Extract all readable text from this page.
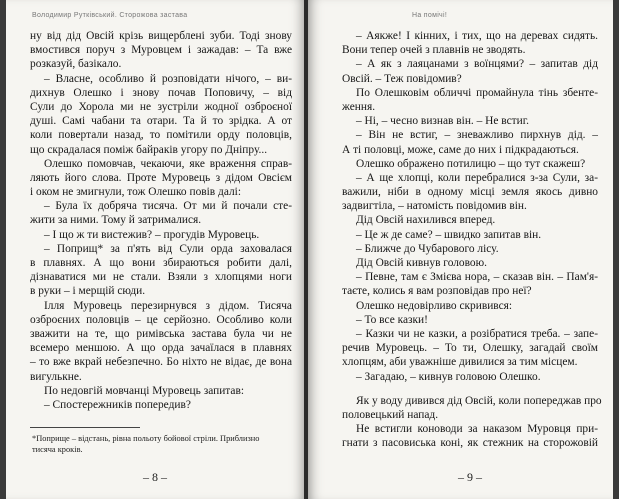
Володимир Рутківський. Сторожова застава
ну від дід Овсій крізь вищерблені зуби. Тоді знову
вмостився поруч з Муровцем і зажадав: – Та вже
розказуй, базікало.
– Власне, особливо й розповідати нічого, – ви-
дихнув Олешко і знову почав Поповичу, – від
Сули до Хорола ми не зустріли жодної озброєної
душі. Самі чабани та отари. Та й то зрідка. А от
коли повертали назад, то помітили орду половців,
що скрадалася поміж байраків угору по Дніпру...
Олешко помовчав, чекаючи, яке враження справ-
ляють його слова. Проте Муровець з дідом Овсієм
і оком не змигнули, тож Олешко повів далі:
– Була їх добряча тисяча. От ми й почали сте-
жити за ними. Тому й затрималися.
– І що ж ти вистежив? – прогудів Муровець.
– Поприщ* за п'ять від Сули орда заховалася
в плавнях. А що вони збираються робити далі,
дізнаватися ми не стали. Взяли з хлопцями ноги
в руки – і мерщій сюди.
Ілля Муровець перезирнувся з дідом. Тисяча
озброєних половців – це серйозно. Особливо коли
зважити на те, що римівська застава була чи не
всемеро меншою. А що орда зачаїлася в плавнях
– то вже вкрай небезпечно. Бо ніхто не відає, де вона
вигулькне.
По недовгій мовчанці Муровець запитав:
– Спостережників попередив?
*Поприще – відстань, рівна польоту бойової стріли. Приблизно
тисяча кроків.
– 8 –
На помічі!
– Аякже! І кінних, і тих, що на деревах сидять.
Вони тепер очей з плавнів не зводять.
– А як з лаяцанами з воїнцями? – запитав дід
Овсій. – Теж повідомив?
По Олешковім обличчі промайнула тінь збенте-
ження.
– Ні, – чесно визнав він. – Не встиг.
– Він не встиг, – зневажливо пирхнув дід. –
А ті половці, може, саме до них і підкрадаються.
Олешко ображено потилицю – що тут скажеш?
– А ще хлопці, коли перебралися з-за Сули, за-
важили, ніби в одному місці земля якось дивно
задвигтіла, – натомість повідомив він.
Дід Овсій нахилився вперед.
– Це ж де саме? – швидко запитав він.
– Ближче до Чубарового лісу.
Дід Овсій кивнув головою.
– Певне, там є Змієва нора, – сказав він. – Пам'я-
таєте, колись я вам розповідав про неї?
Олешко недовірливо скривився:
– То все казки!
– Казки чи не казки, а розібратися треба. – запе-
речив Муровець. – То ти, Олешку, загадай своїм
хлопцям, аби уважніше дивилися за тим місцем.
– Загадаю, – кивнув головою Олешко.
Як у воду дивився дід Овсій, коли попереджав про
половецький напад.
Не встигли коноводи за наказом Муровця при-
гнати з пасовиська коні, як стежник на сторожовій
– 9 –
